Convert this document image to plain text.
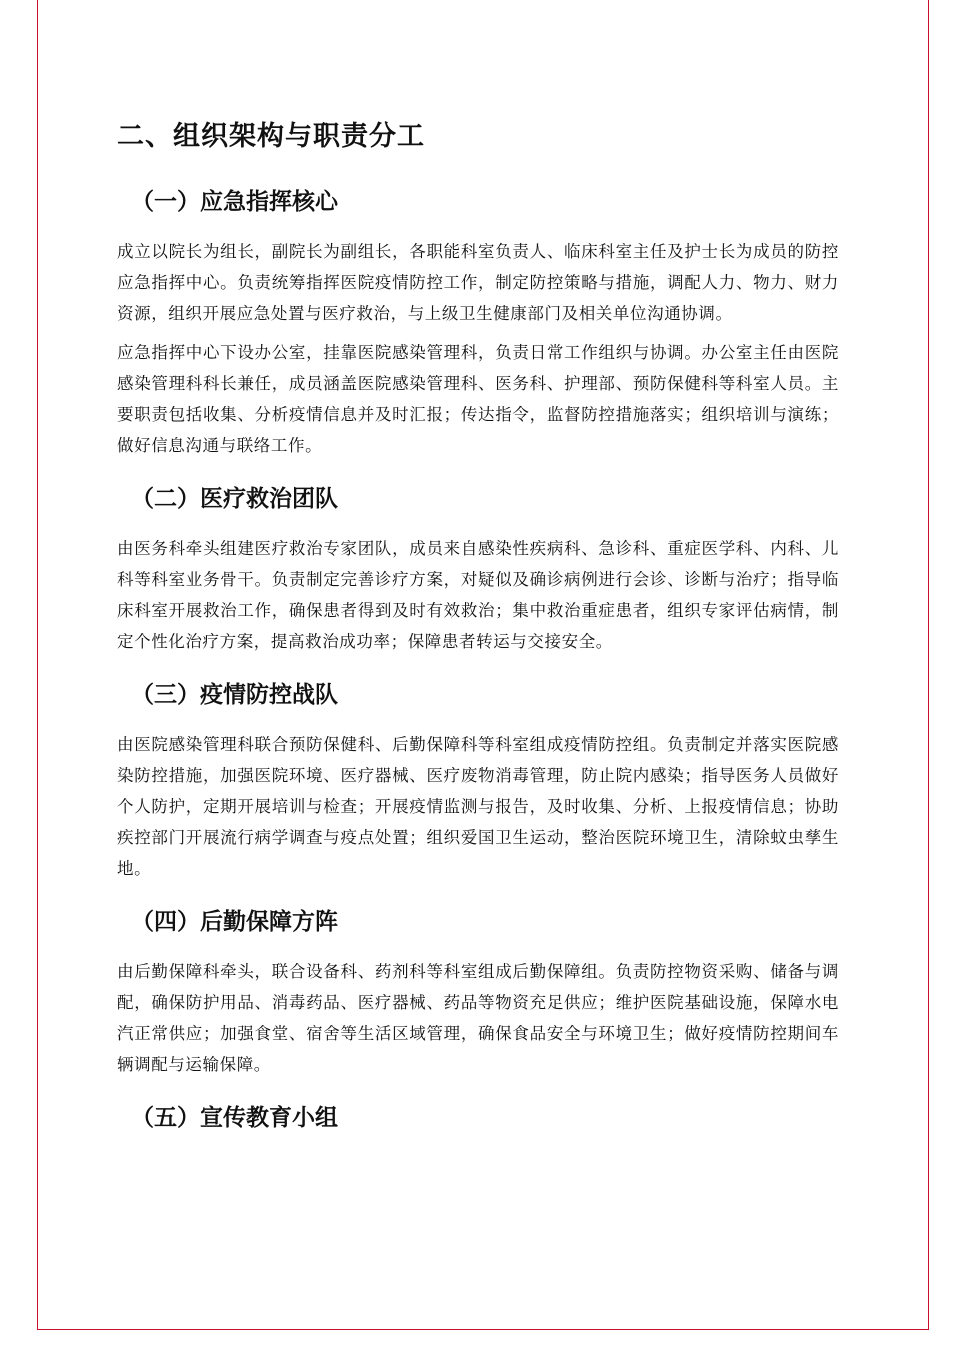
二、组织架构与职责分工
（一）应急指挥核心

成立以院长为组长，副院长为副组长，各职能科室负责人、临床科室主任及护士长为成员的防控应急指挥中心。负责统筹指挥医院疫情防控工作，制定防控策略与措施，调配人力、物力、财力资源，组织开展应急处置与医疗救治，与上级卫生健康部门及相关单位沟通协调。

应急指挥中心下设办公室，挂靠医院感染管理科，负责日常工作组织与协调。办公室主任由医院感染管理科科长兼任，成员涵盖医院感染管理科、医务科、护理部、预防保健科等科室人员。主要职责包括收集、分析疫情信息并及时汇报；传达指令，监督防控措施落实；组织培训与演练；做好信息沟通与联络工作。

（二）医疗救治团队

由医务科牵头组建医疗救治专家团队，成员来自感染性疾病科、急诊科、重症医学科、内科、儿科等科室业务骨干。负责制定完善诊疗方案，对疑似及确诊病例进行会诊、诊断与治疗；指导临床科室开展救治工作，确保患者得到及时有效救治；集中救治重症患者，组织专家评估病情，制定个性化治疗方案，提高救治成功率；保障患者转运与交接安全。

（三）疫情防控战队

由医院感染管理科联合预防保健科、后勤保障科等科室组成疫情防控组。负责制定并落实医院感染防控措施，加强医院环境、医疗器械、医疗废物消毒管理，防止院内感染；指导医务人员做好个人防护，定期开展培训与检查；开展疫情监测与报告，及时收集、分析、上报疫情信息；协助疾控部门开展流行病学调查与疫点处置；组织爱国卫生运动，整治医院环境卫生，清除蚊虫孳生地。

（四）后勤保障方阵

由后勤保障科牵头，联合设备科、药剂科等科室组成后勤保障组。负责防控物资采购、储备与调配，确保防护用品、消毒药品、医疗器械、药品等物资充足供应；维护医院基础设施，保障水电汽正常供应；加强食堂、宿舍等生活区域管理，确保食品安全与环境卫生；做好疫情防控期间车辆调配与运输保障。

（五）宣传教育小组
